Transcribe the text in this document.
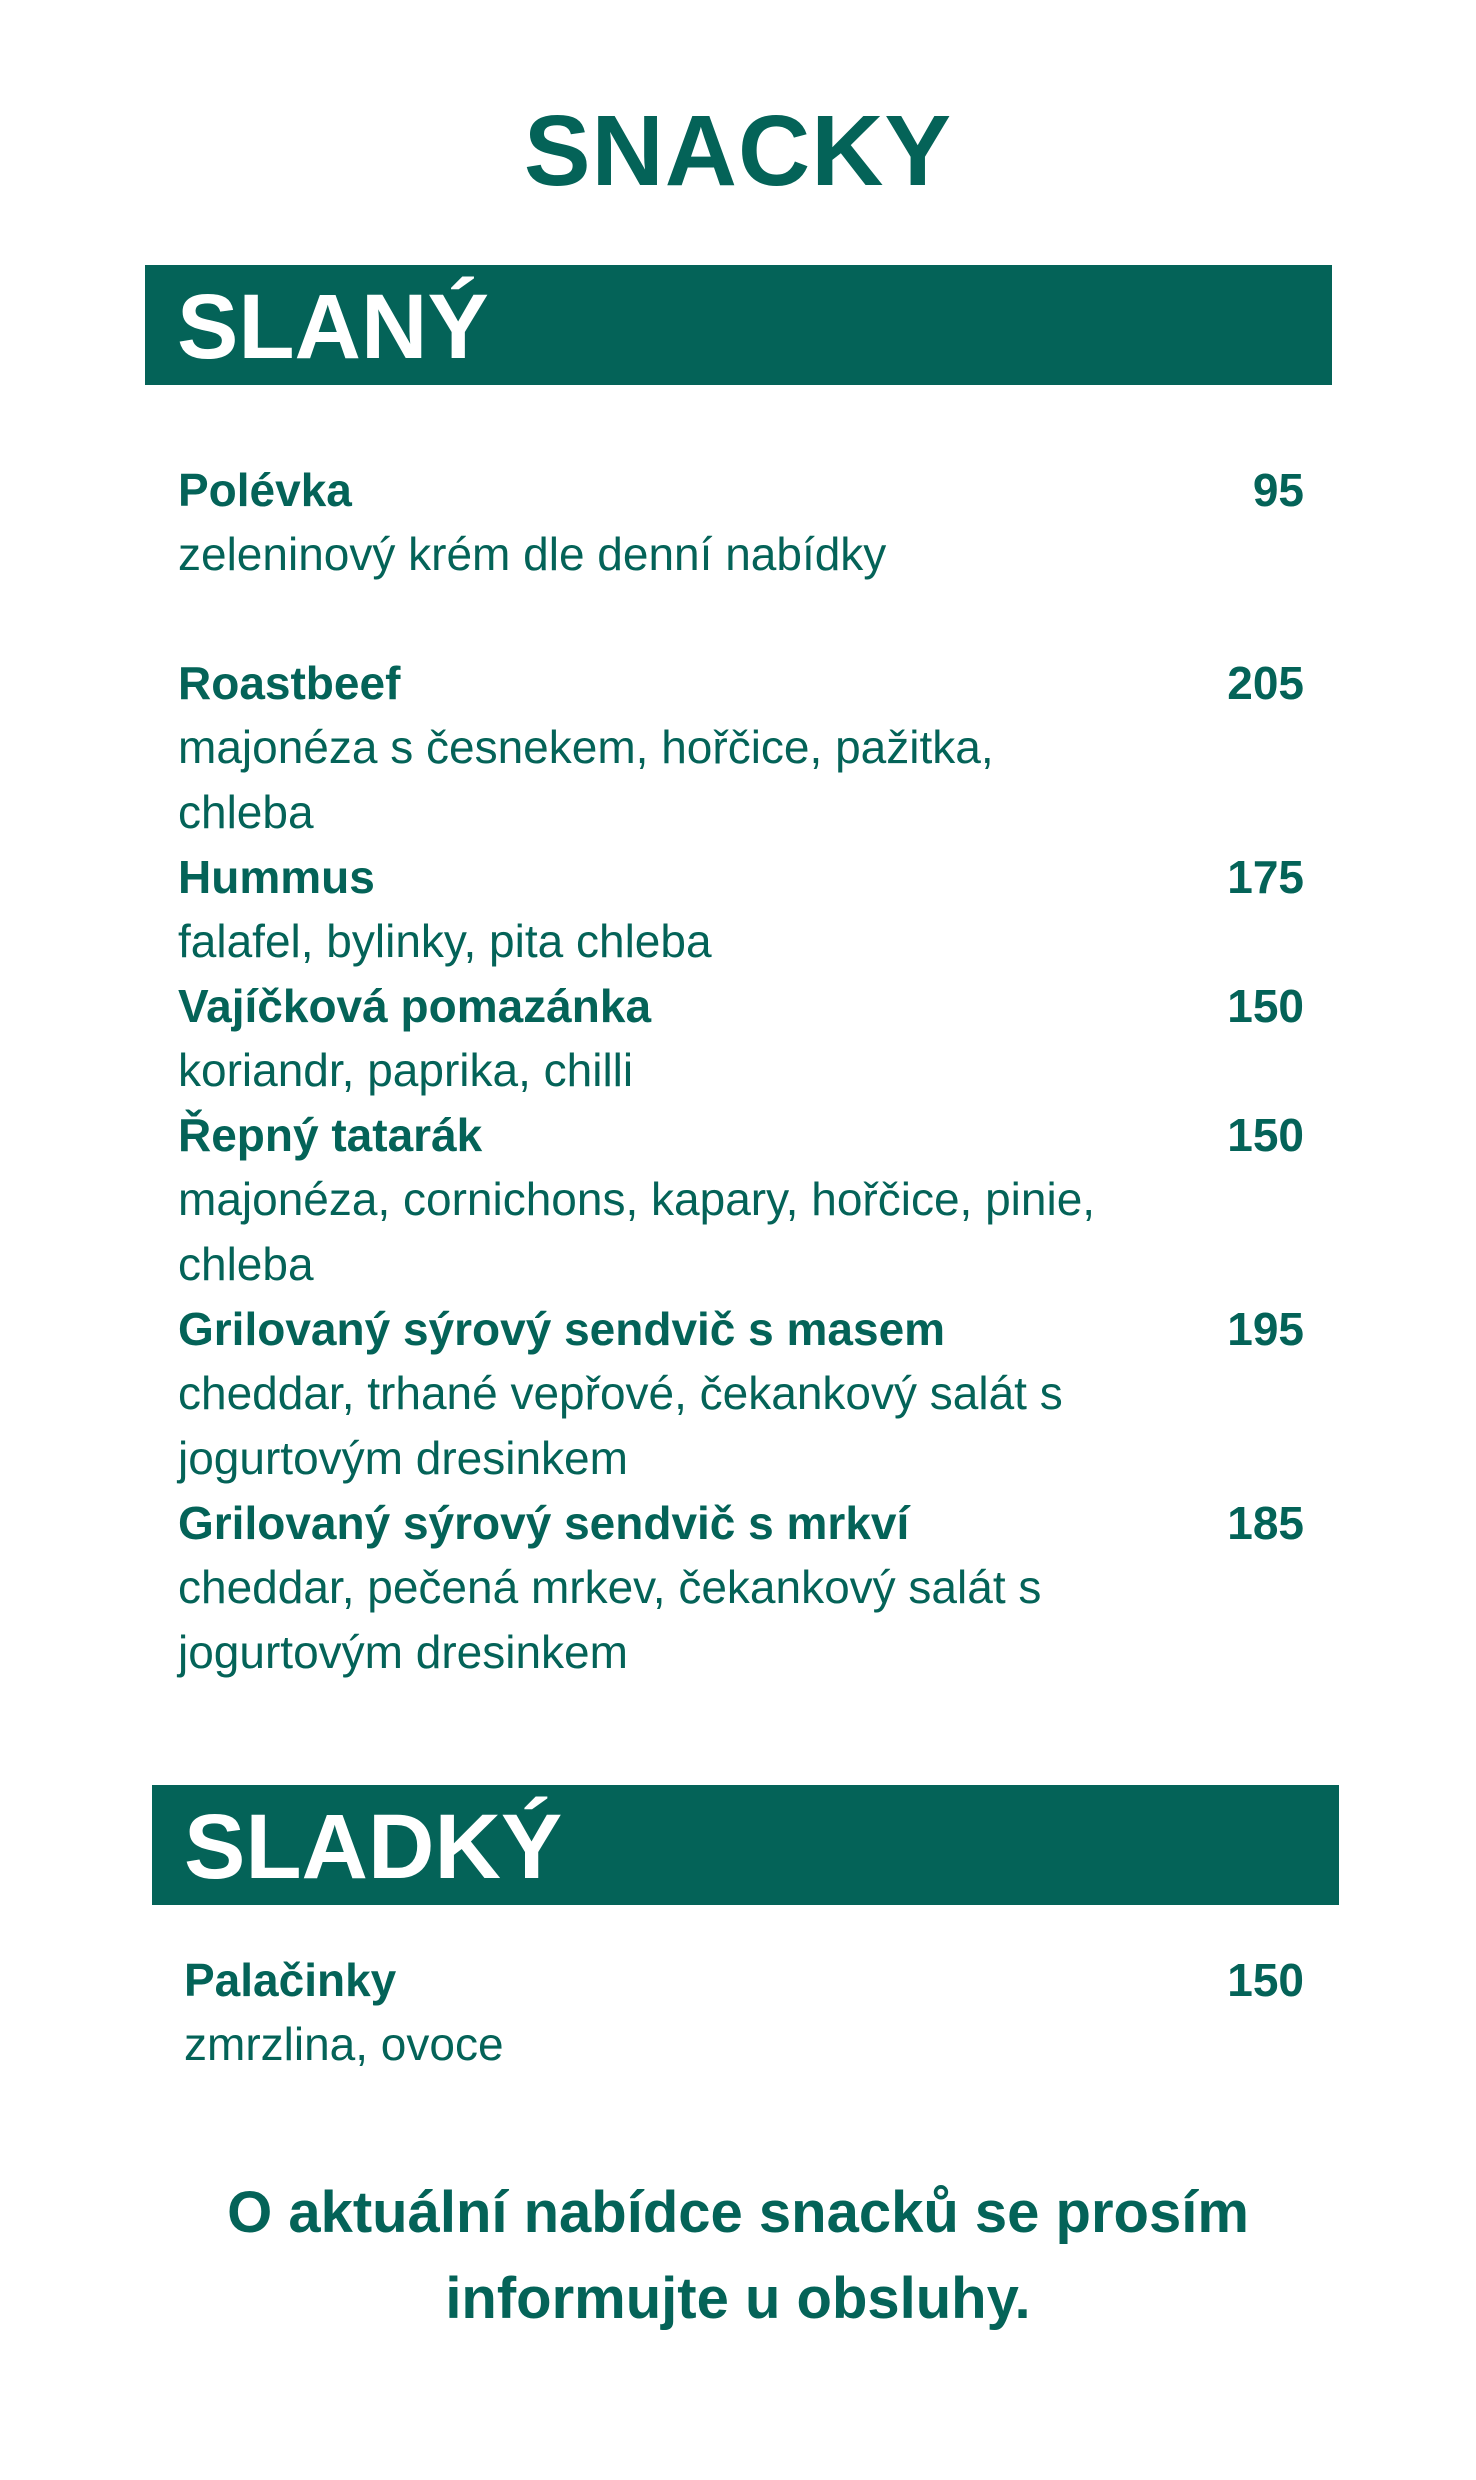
SNACKY
SLANÝ
Polévka	95
zeleninový krém dle denní nabídky
Roastbeef	205
majonéza s česnekem, hořčice, pažitka, chleba
Hummus	175
falafel, bylinky, pita chleba
Vajíčková pomazánka	150
koriandr, paprika, chilli
Řepný tatarák	150
majonéza, cornichons, kapary, hořčice, pinie, chleba
Grilovaný sýrový sendvič s masem	195
cheddar, trhané vepřové, čekankový salát s jogurtovým dresinkem
Grilovaný sýrový sendvič s mrkví	185
cheddar, pečená mrkev, čekankový salát s jogurtovým dresinkem
SLADKÝ
Palačinky	150
zmrzlina, ovoce
O aktuální nabídce snacků se prosím
informujte u obsluhy.
